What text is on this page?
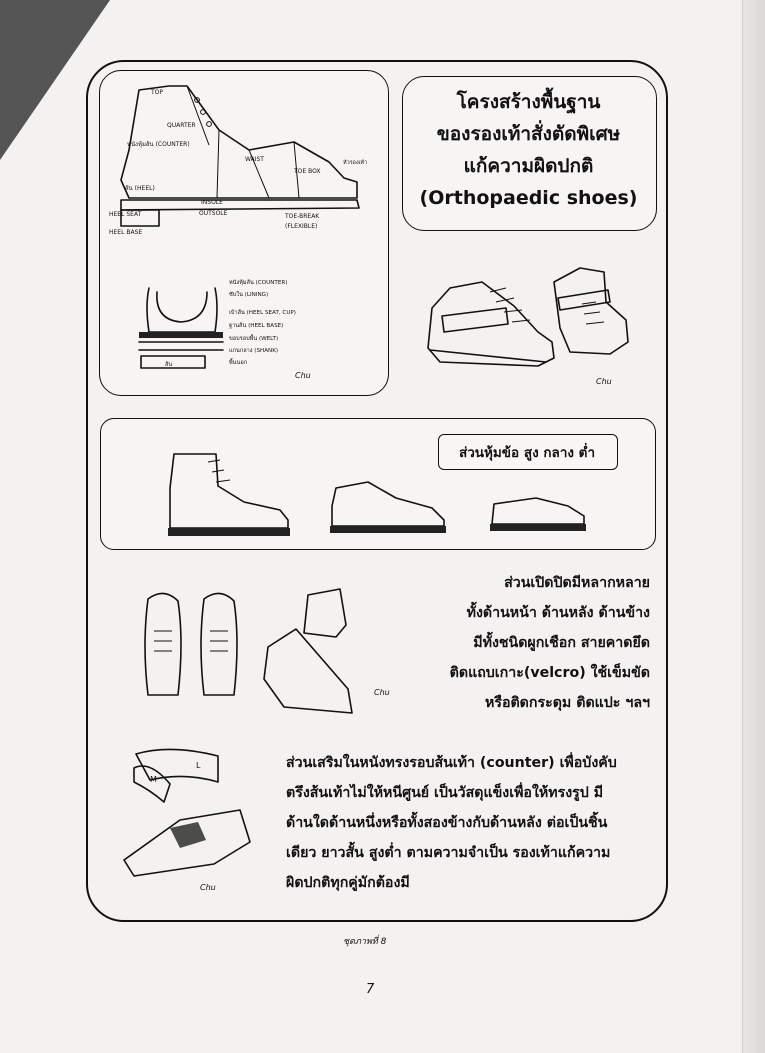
TOP
QUARTER
หนังหุ้มส้น (COUNTER)
WAIST
TOE BOX
หัวรองเท้า
ส้น (HEEL)
INSOLE
OUTSOLE	TOE-BREAK
(FLEXIBLE)
HEEL SEAT
HEEL BASE
หนังหุ้มส้น (COUNTER)
ซับใน (LINING)
เบ้าส้น (HEEL SEAT, CUP)
ฐานส้น (HEEL BASE)
ขอบรอบพื้น (WELT)
แกนกลาง (SHANK)
พื้นนอก
ส้น
Chu
โครงสร้างพื้นฐาน
ของรองเท้าสั่งตัดพิเศษ
แก้ความผิดปกติ
(Orthopaedic shoes)
Chu
ส่วนหุ้มข้อ สูง กลาง ต่ำ
Chu
ส่วนเปิดปิดมีหลากหลาย
ทั้งด้านหน้า ด้านหลัง ด้านข้าง
มีทั้งชนิดผูกเชือก สายคาดยึด
ติดแถบเกาะ(velcro) ใช้เข็มขัด
หรือติดกระดุม ติดแปะ ฯลฯ
L
M
Chu
ส่วนเสริมในหนังทรงรอบส้นเท้า (counter) เพื่อบังคับ
ตรึงส้นเท้าไม่ให้หนีศูนย์ เป็นวัสดุแข็งเพื่อให้ทรงรูป มี
ด้านใดด้านหนึ่งหรือทั้งสองข้างกับด้านหลัง ต่อเป็นชิ้น
เดียว ยาวสั้น สูงต่ำ ตามความจำเป็น รองเท้าแก้ความ
ผิดปกติทุกคู่มักต้องมี
ชุดภาพที่ 8
7
